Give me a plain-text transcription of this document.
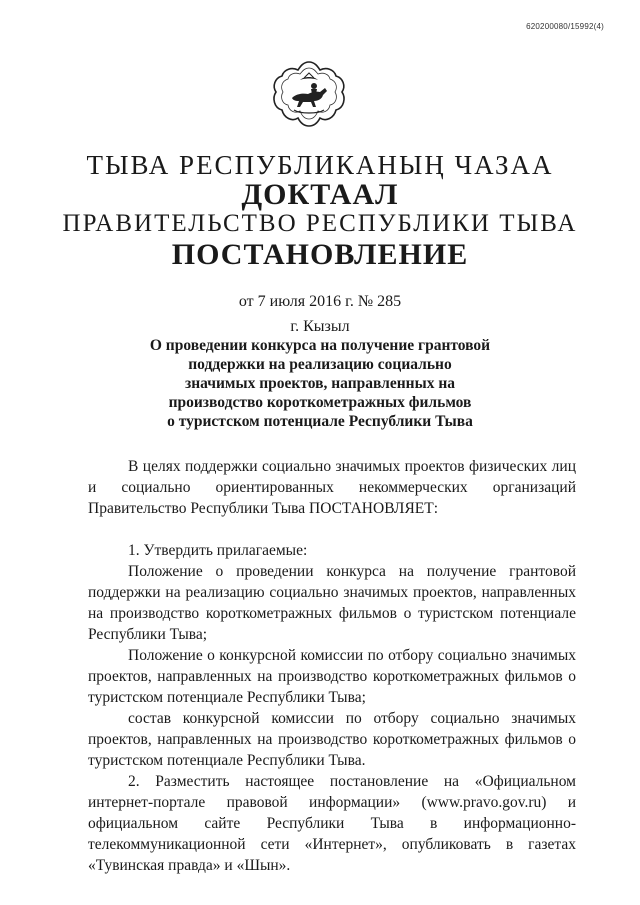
620200080/15992(4)
ТЫВА РЕСПУБЛИКАНЫҢ ЧАЗАА
ДОКТААЛ
ПРАВИТЕЛЬСТВО РЕСПУБЛИКИ ТЫВА
ПОСТАНОВЛЕНИЕ
от 7 июля 2016 г. № 285
г. Кызыл
О проведении конкурса на получение грантовой
поддержки на реализацию социально
значимых проектов, направленных на
производство короткометражных фильмов
о туристском потенциале Республики Тыва

В целях поддержки социально значимых проектов физических лиц и социально ориентированных некоммерческих организаций Правительство Республики Тыва ПОСТАНОВЛЯЕТ:

1. Утвердить прилагаемые:

Положение о проведении конкурса на получение грантовой поддержки на реализацию социально значимых проектов, направленных на производство короткометражных фильмов о туристском потенциале Республики Тыва;

Положение о конкурсной комиссии по отбору социально значимых проектов, направленных на производство короткометражных фильмов о туристском потенциале Республики Тыва;

состав конкурсной комиссии по отбору социально значимых проектов, направленных на производство короткометражных фильмов о туристском потенциале Республики Тыва.

2. Разместить настоящее постановление на «Официальном интернет-портале правовой информации» (www.pravo.gov.ru) и официальном сайте Республики Тыва в информационно-телекоммуникационной сети «Интернет», опубликовать в газетах «Тувинская правда» и «Шын».
